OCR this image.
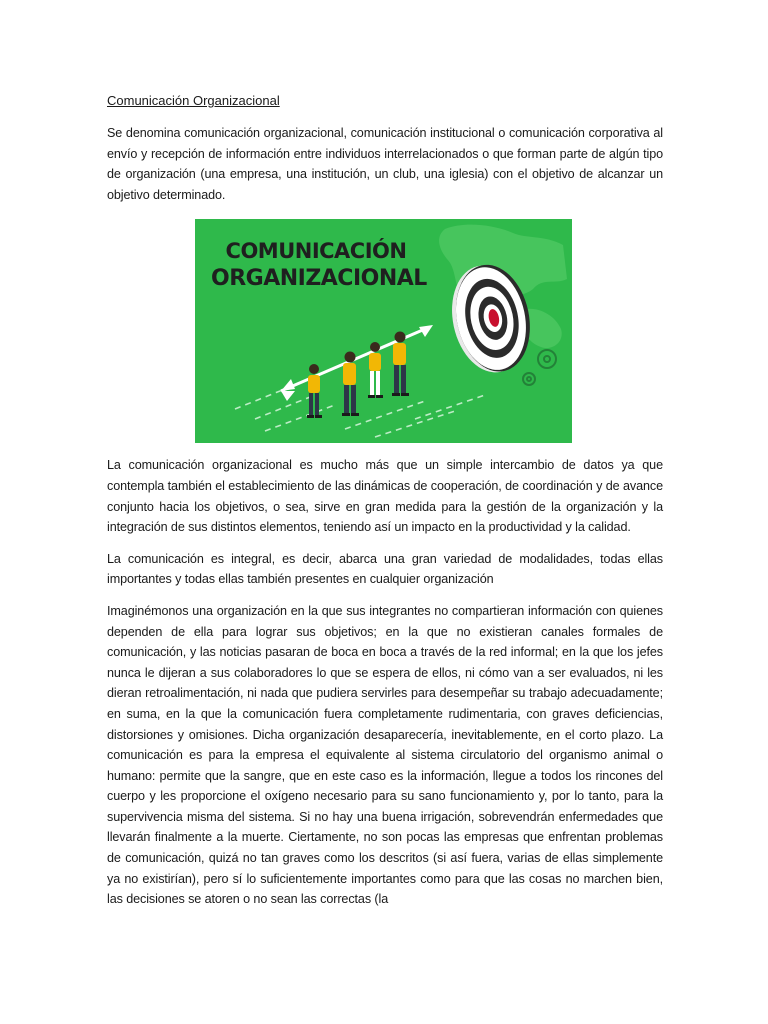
Comunicación Organizacional

Se denomina comunicación organizacional, comunicación institucional o comunicación corporativa al envío y recepción de información entre individuos interrelacionados o que forman parte de algún tipo de organización (una empresa, una institución, un club, una iglesia) con el objetivo de alcanzar un objetivo determinado.

COMUNICACIÓN
ORGANIZACIONAL

La comunicación organizacional es mucho más que un simple intercambio de datos ya que contempla también el establecimiento de las dinámicas de cooperación, de coordinación y de avance conjunto hacia los objetivos, o sea, sirve en gran medida para la gestión de la organización y la integración de sus distintos elementos, teniendo así un impacto en la productividad y la calidad.

La comunicación es integral, es decir, abarca una gran variedad de modalidades, todas ellas importantes y todas ellas también presentes en cualquier organización

Imaginémonos una organización en la que sus integrantes no compartieran información con quienes dependen de ella para lograr sus objetivos; en la que no existieran canales formales de comunicación, y las noticias pasaran de boca en boca a través de la red informal; en la que los jefes nunca le dijeran a sus colaboradores lo que se espera de ellos, ni cómo van a ser evaluados, ni les dieran retroalimentación, ni nada que pudiera servirles para desempeñar su trabajo adecuadamente; en suma, en la que la comunicación fuera completamente rudimentaria, con graves deficiencias, distorsiones y omisiones. Dicha organización desaparecería, inevitablemente, en el corto plazo. La comunicación es para la empresa el equivalente al sistema circulatorio del organismo animal o humano: permite que la sangre, que en este caso es la información, llegue a todos los rincones del cuerpo y les proporcione el oxígeno necesario para su sano funcionamiento y, por lo tanto, para la supervivencia misma del sistema. Si no hay una buena irrigación, sobrevendrán enfermedades que llevarán finalmente a la muerte. Ciertamente, no son pocas las empresas que enfrentan problemas de comunicación, quizá no tan graves como los descritos (si así fuera, varias de ellas simplemente ya no existirían), pero sí lo suficientemente importantes como para que las cosas no marchen bien, las decisiones se atoren o no sean las correctas (la
